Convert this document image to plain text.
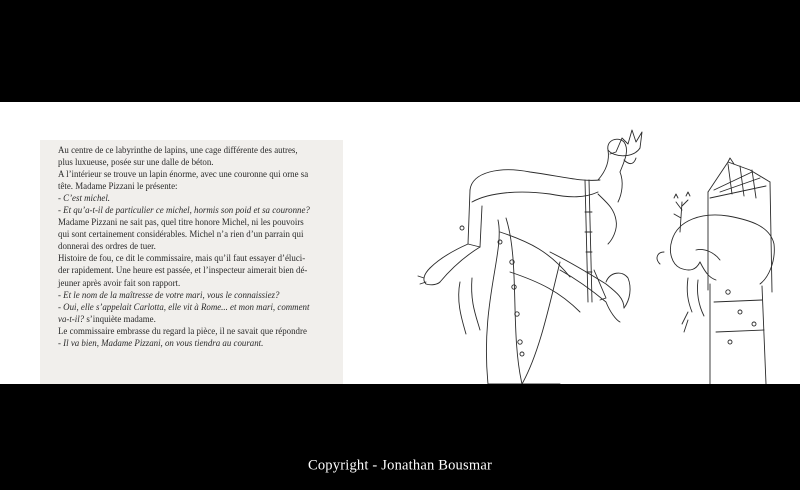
Au centre de ce labyrinthe de lapins, une cage différente des autres,

plus luxueuse, posée sur une dalle de béton.

A l’intérieur se trouve un lapin énorme, avec une couronne qui orne sa

tête. Madame Pizzani le présente:

- C’est michel.

- Et qu’a-t-il de particulier ce michel, hormis son poid et sa couronne?

Madame Pizzani ne sait pas, quel titre honore Michel, ni les pouvoirs

qui sont certainement considérables. Michel n’a rien d’un parrain qui

donnerai des ordres de tuer.

Histoire de fou, ce dit le commissaire, mais qu’il faut essayer d’éluci-

der rapidement. Une heure est passée, et l’inspecteur aimerait bien dé-

jeuner après avoir fait son rapport.

- Et le nom de la maîtresse de votre mari, vous le connaissiez?

- Oui, elle s’appelait Carlotta, elle vit à Rome... et mon mari, comment

va-t-il? s’inquiète madame.

Le commissaire embrasse du regard la pièce, il ne savait que répondre

- Il va bien, Madame Pizzani, on vous tiendra au courant.

Copyright - Jonathan Bousmar
